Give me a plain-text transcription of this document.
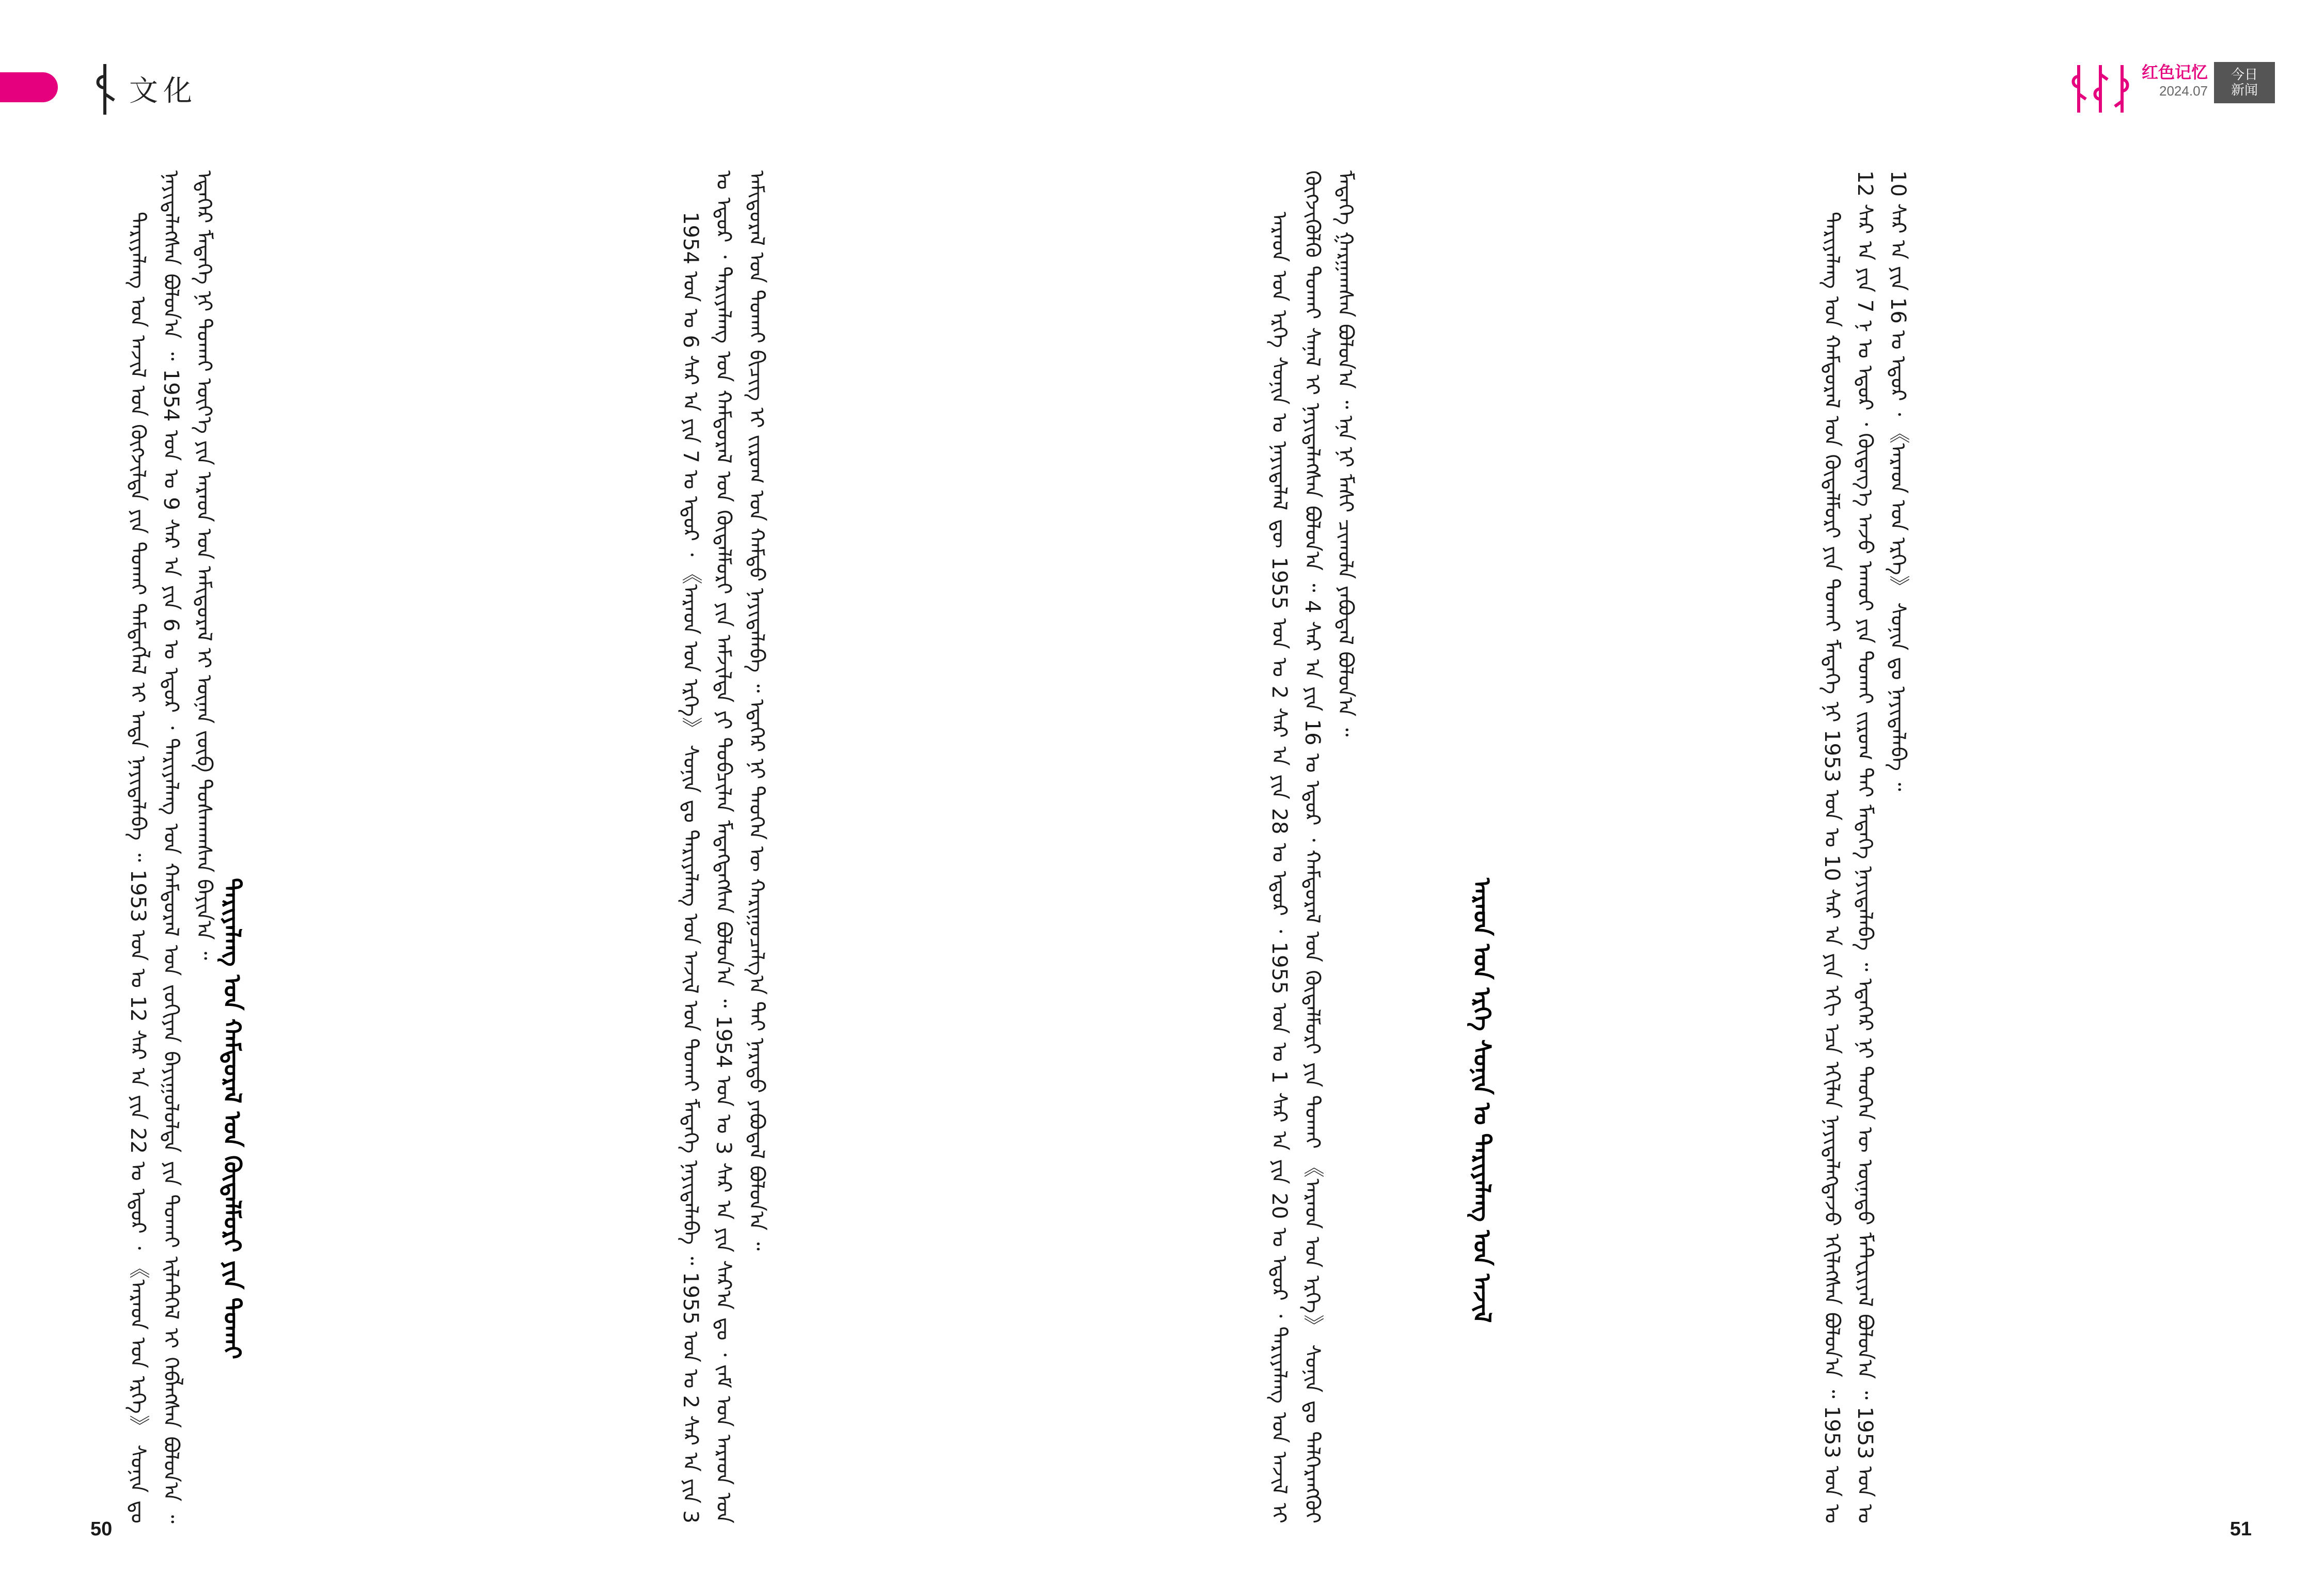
文化
红色记忆
2024.07
今日
新闻

ᠲᠠᠷᠢᠶᠠᠯᠠᠩ ᠤᠨ ᠠᠵᠢᠯ ᠤᠨ ᠬᠥᠭᠵᠢᠯᠲᠡ ᠶᠢᠨ ᠲᠤᠬᠠᠢ ᠲᠡᠮᠳᠡᠭᠯᠡᠯ ᠢ ᠡᠨᠳᠡ ᠨᠡᠶᠢᠲᠡᠯᠡᠪᠡ ᠃ 1953 ᠣᠨ ᠤ 12 ᠰᠠᠷ ᠠ ᠶᠢᠨ 22 ᠤ ᠡᠳᠦᠷ ᠂ 《ᠠᠷᠠᠳ ᠤᠨ ᠡᠷᠬᠡ》 ᠰᠣᠨᠢᠨ ᠳᠤ ᠨᠡᠶᠢᠲᠡᠯᠡᠭᠰᠡᠨ ᠪᠣᠯᠤᠨ᠎ᠠ ᠃ 1954 ᠣᠨ ᠤ 9 ᠰᠠᠷ ᠠ ᠶᠢᠨ 6 ᠤ ᠡᠳᠦᠷ ᠂ ᠲᠠᠷᠢᠶᠠᠯᠠᠩ ᠤᠨ ᠬᠠᠮᠲᠤᠷᠠᠯ ᠤᠨ ᠵᠣᠬᠢᠶᠠᠨ ᠪᠠᠶᠢᠭᠤᠯᠤᠯᠲᠠ ᠶᠢᠨ ᠲᠤᠬᠠᠢ ᠢᠯᠡᠲᠬᠡᠯ ᠢ ᠬᠡᠪᠯᠡᠭᠰᠡᠨ ᠪᠣᠯᠤᠨ᠎ᠠ ᠃ ᠡᠳᠡᠭᠡᠷ ᠮᠡᠳᠡᠭᠡ ᠨᠢ ᠲᠤᠬᠠᠢ ᠦᠶ᠎ᠡ ᠶᠢᠨ ᠠᠷᠠᠳ ᠤᠨ ᠠᠮᠢᠳᠤᠷᠠᠯ ᠢ ᠦᠨᠡᠨ ᠵᠥᠪ ᠲᠤᠰᠬᠠᠭᠰᠠᠨ ᠪᠠᠶᠢᠨ᠎ᠠ ᠃	1954 ᠣᠨ ᠤ 6 ᠰᠠᠷ ᠠ ᠶᠢᠨ 7 ᠤ ᠡᠳᠦᠷ ᠂ 《ᠠᠷᠠᠳ ᠤᠨ ᠡᠷᠬᠡ》 ᠰᠣᠨᠢᠨ ᠳᠤ ᠲᠠᠷᠢᠶᠠᠯᠠᠩ ᠤᠨ ᠠᠵᠢᠯ ᠤᠨ ᠲᠤᠬᠠᠢ ᠮᠡᠳᠡᠭᠡ ᠨᠡᠶᠢᠲᠡᠯᠡᠪᠡ ᠃ 1955 ᠣᠨ ᠤ 2 ᠰᠠᠷ ᠠ ᠶᠢᠨ 3 ᠤ ᠡᠳᠦᠷ ᠂ ᠲᠠᠷᠢᠶᠠᠯᠠᠩ ᠤᠨ ᠬᠠᠮᠲᠤᠷᠠᠯ ᠤᠨ ᠬᠥᠳᠡᠯᠮᠦᠷᠢ ᠶᠢᠨ ᠠᠮᠵᠢᠯᠲᠠ ᠶᠢ ᠲᠣᠪᠴᠢᠯᠠᠨ ᠮᠡᠳᠡᠭᠳᠡᠭᠰᠡᠨ ᠪᠣᠯᠤᠨ᠎ᠠ ᠃ 1954 ᠣᠨ ᠤ 3 ᠰᠠᠷ ᠠ ᠶᠢᠨ ᠰᠠᠷ᠎ᠠ ᠳᠤ ᠂ ᠵᠠᠮ ᠤᠨ ᠠᠷᠠᠳ ᠤᠨ ᠠᠮᠢᠳᠤᠷᠠᠯ ᠤᠨ ᠲᠤᠬᠠᠢ ᠪᠢᠴᠢᠭ᠌ ᠢ ᠵᠢᠷᠤᠭ ᠤᠨ ᠬᠠᠮᠲᠤ ᠨᠡᠶᠢᠲᠡᠯᠡᠪᠡ ᠃ ᠡᠳᠡᠭᠡᠷ ᠨᠢ ᠲᠡᠦᠬᠡᠨ ᠦ ᠬᠠᠷᠢᠭᠤᠴᠠᠯᠭ᠎ᠠ ᠲᠠᠢ ᠨᠡᠷᠡᠲᠦ ᠶᠠᠪᠤᠳᠠᠯ ᠪᠣᠯᠤᠨ᠎ᠠ ᠃

ᠲᠠᠷᠢᠶᠠᠯᠠᠩ ᠤᠨ ᠬᠠᠮᠲᠤᠷᠠᠯ ᠤᠨ ᠬᠥᠳᠡᠯᠮᠦᠷᠢ ᠶᠢᠨ ᠲᠤᠬᠠᠢ	ᠠᠷᠠᠳ ᠤᠨ ᠡᠷᠬᠡ ᠰᠣᠨᠢᠨ ᠤ ᠨᠡᠶᠢᠲᠡᠯᠡᠯ ᠳᠦ 1955 ᠣᠨ ᠤ 2 ᠰᠠᠷ ᠠ ᠶᠢᠨ 28 ᠤ ᠡᠳᠦᠷ ᠂ 1955 ᠣᠨ ᠤ 1 ᠰᠠᠷ ᠠ ᠶᠢᠨ 20 ᠤ ᠡᠳᠦᠷ ᠂ ᠲᠠᠷᠢᠶᠠᠯᠠᠩ ᠤᠨ ᠠᠵᠢᠯ ᠢ ᠬᠥᠭᠵᠢᠭᠦᠯᠬᠦ ᠲᠤᠬᠠᠢ ᠰᠠᠨᠠᠯ ᠢ ᠨᠡᠶᠢᠲᠡᠯᠡᠭᠰᠡᠨ ᠪᠣᠯᠤᠨ᠎ᠠ ᠃ 4 ᠰᠠᠷ ᠠ ᠶᠢᠨ 16 ᠤ ᠡᠳᠦᠷ ᠂ ᠬᠠᠮᠲᠤᠷᠠᠯ ᠤᠨ ᠬᠥᠳᠡᠯᠮᠦᠷᠢ ᠶᠢᠨ ᠲᠤᠬᠠᠢ 《ᠠᠷᠠᠳ ᠤᠨ ᠡᠷᠬᠡ》 ᠰᠣᠨᠢᠨ ᠳᠤ ᠳᠡᠯᠭᠡᠷᠡᠩᠭᠦᠢ ᠮᠡᠳᠡᠭᠡ ᠭᠠᠷᠭᠠᠭᠰᠠᠨ ᠪᠣᠯᠤᠨ᠎ᠠ ᠃ ᠡᠨᠡ ᠨᠢ ᠮᠠᠰᠢ ᠴᠢᠬᠤᠯᠠ ᠶᠠᠪᠤᠳᠠᠯ ᠪᠣᠯᠤᠨ᠎ᠠ ᠃	ᠲᠠᠷᠢᠶᠠᠯᠠᠩ ᠤᠨ ᠬᠠᠮᠲᠤᠷᠠᠯ ᠤᠨ ᠬᠥᠳᠡᠯᠮᠦᠷᠢ ᠶᠢᠨ ᠲᠤᠬᠠᠢ ᠮᠡᠳᠡᠭᠡ ᠨᠢ 1953 ᠣᠨ ᠤ 10 ᠰᠠᠷ ᠠ ᠶᠢᠨ ᠡᠬᠢ ᠡᠴᠡ ᠡᠬᠢᠯᠡᠨ ᠨᠡᠶᠢᠲᠡᠯᠡᠭᠳᠡᠵᠦ ᠡᠬᠢᠯᠡᠭᠰᠡᠨ ᠪᠣᠯᠤᠨ᠎ᠠ ᠃ 1953 ᠣᠨ ᠤ 12 ᠰᠠᠷ ᠠ ᠶᠢᠨ 7 ᠨ ᠤ ᠡᠳᠦᠷ ᠂ ᠬᠥᠳᠡᠭ᠎ᠡ ᠠᠵᠤ ᠠᠬᠤᠢ ᠶᠢᠨ ᠲᠤᠬᠠᠢ ᠵᠢᠷᠤᠭ ᠲᠠᠢ ᠮᠡᠳᠡᠭᠡ ᠨᠡᠶᠢᠲᠡᠯᠡᠪᠡ ᠃ ᠡᠳᠡᠭᠡᠷ ᠨᠢ ᠲᠡᠦᠬᠡᠨ ᠦ ᠦᠨᠡᠲᠦ ᠮᠠᠲ᠋ᠧᠷᠢᠶᠠᠯ ᠪᠣᠯᠤᠨ᠎ᠠ ᠃ 1953 ᠣᠨ ᠤ 10 ᠰᠠᠷ ᠠ ᠶᠢᠨ 16 ᠤ ᠡᠳᠦᠷ ᠂ 《ᠠᠷᠠᠳ ᠤᠨ ᠡᠷᠬᠡ》 ᠰᠣᠨᠢᠨ ᠳᠤ ᠨᠡᠶᠢᠲᠡᠯᠡᠪᠡ ᠃

ᠠᠷᠠᠳ ᠤᠨ ᠡᠷᠬᠡ ᠰᠣᠨᠢᠨ ᠤ ᠲᠠᠷᠢᠶᠠᠯᠠᠩ ᠤᠨ ᠠᠵᠢᠯ
50	51
